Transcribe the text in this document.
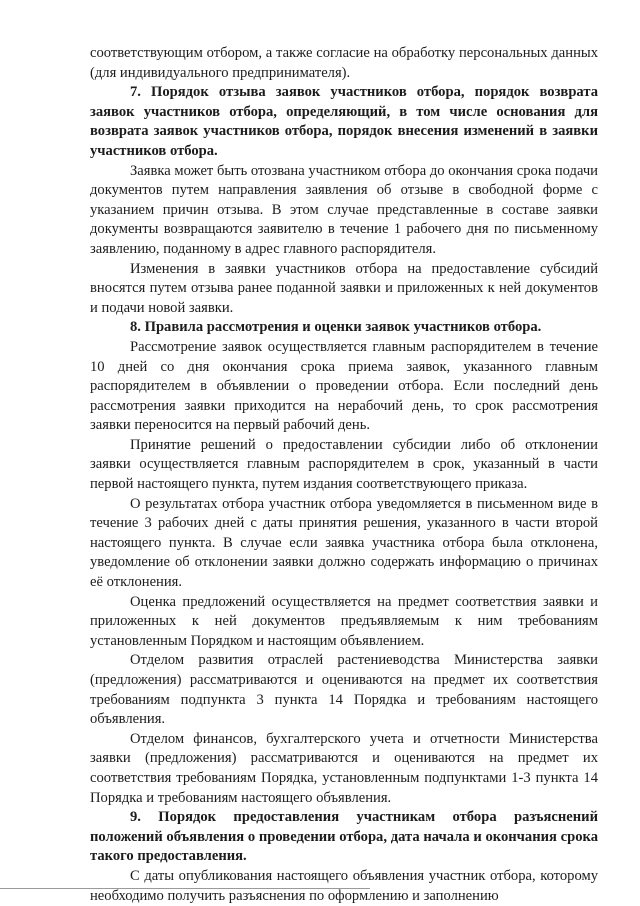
соответствующим отбором, а также согласие на обработку персональных данных (для индивидуального предпринимателя).

7. Порядок отзыва заявок участников отбора, порядок возврата заявок участников отбора, определяющий, в том числе основания для возврата заявок участников отбора, порядок внесения изменений в заявки участников отбора.

Заявка может быть отозвана участником отбора до окончания срока подачи документов путем направления заявления об отзыве в свободной форме с указанием причин отзыва. В этом случае представленные в составе заявки документы возвращаются заявителю в течение 1 рабочего дня по письменному заявлению, поданному в адрес главного распорядителя.

Изменения в заявки участников отбора на предоставление субсидий вносятся путем отзыва ранее поданной заявки и приложенных к ней документов и подачи новой заявки.

8. Правила рассмотрения и оценки заявок участников отбора.

Рассмотрение заявок осуществляется главным распорядителем в течение 10 дней со дня окончания срока приема заявок, указанного главным распорядителем в объявлении о проведении отбора. Если последний день рассмотрения заявки приходится на нерабочий день, то срок рассмотрения заявки переносится на первый рабочий день.

Принятие решений о предоставлении субсидии либо об отклонении заявки осуществляется главным распорядителем в срок, указанный в части первой настоящего пункта, путем издания соответствующего приказа.

О результатах отбора участник отбора уведомляется в письменном виде в течение 3 рабочих дней с даты принятия решения, указанного в части второй настоящего пункта. В случае если заявка участника отбора была отклонена, уведомление об отклонении заявки должно содержать информацию о причинах её отклонения.

Оценка предложений осуществляется на предмет соответствия заявки и приложенных к ней документов предъявляемым к ним требованиям установленным Порядком и настоящим объявлением.

Отделом развития отраслей растениеводства Министерства заявки (предложения) рассматриваются и оцениваются на предмет их соответствия требованиям подпункта 3 пункта 14 Порядка и требованиям настоящего объявления.

Отделом финансов, бухгалтерского учета и отчетности Министерства заявки (предложения) рассматриваются и оцениваются на предмет их соответствия требованиям Порядка, установленным подпунктами 1-3 пункта 14 Порядка и требованиям настоящего объявления.

9. Порядок предоставления участникам отбора разъяснений положений объявления о проведении отбора, дата начала и окончания срока такого предоставления.

С даты опубликования настоящего объявления участник отбора, которому необходимо получить разъяснения по оформлению и заполнению
